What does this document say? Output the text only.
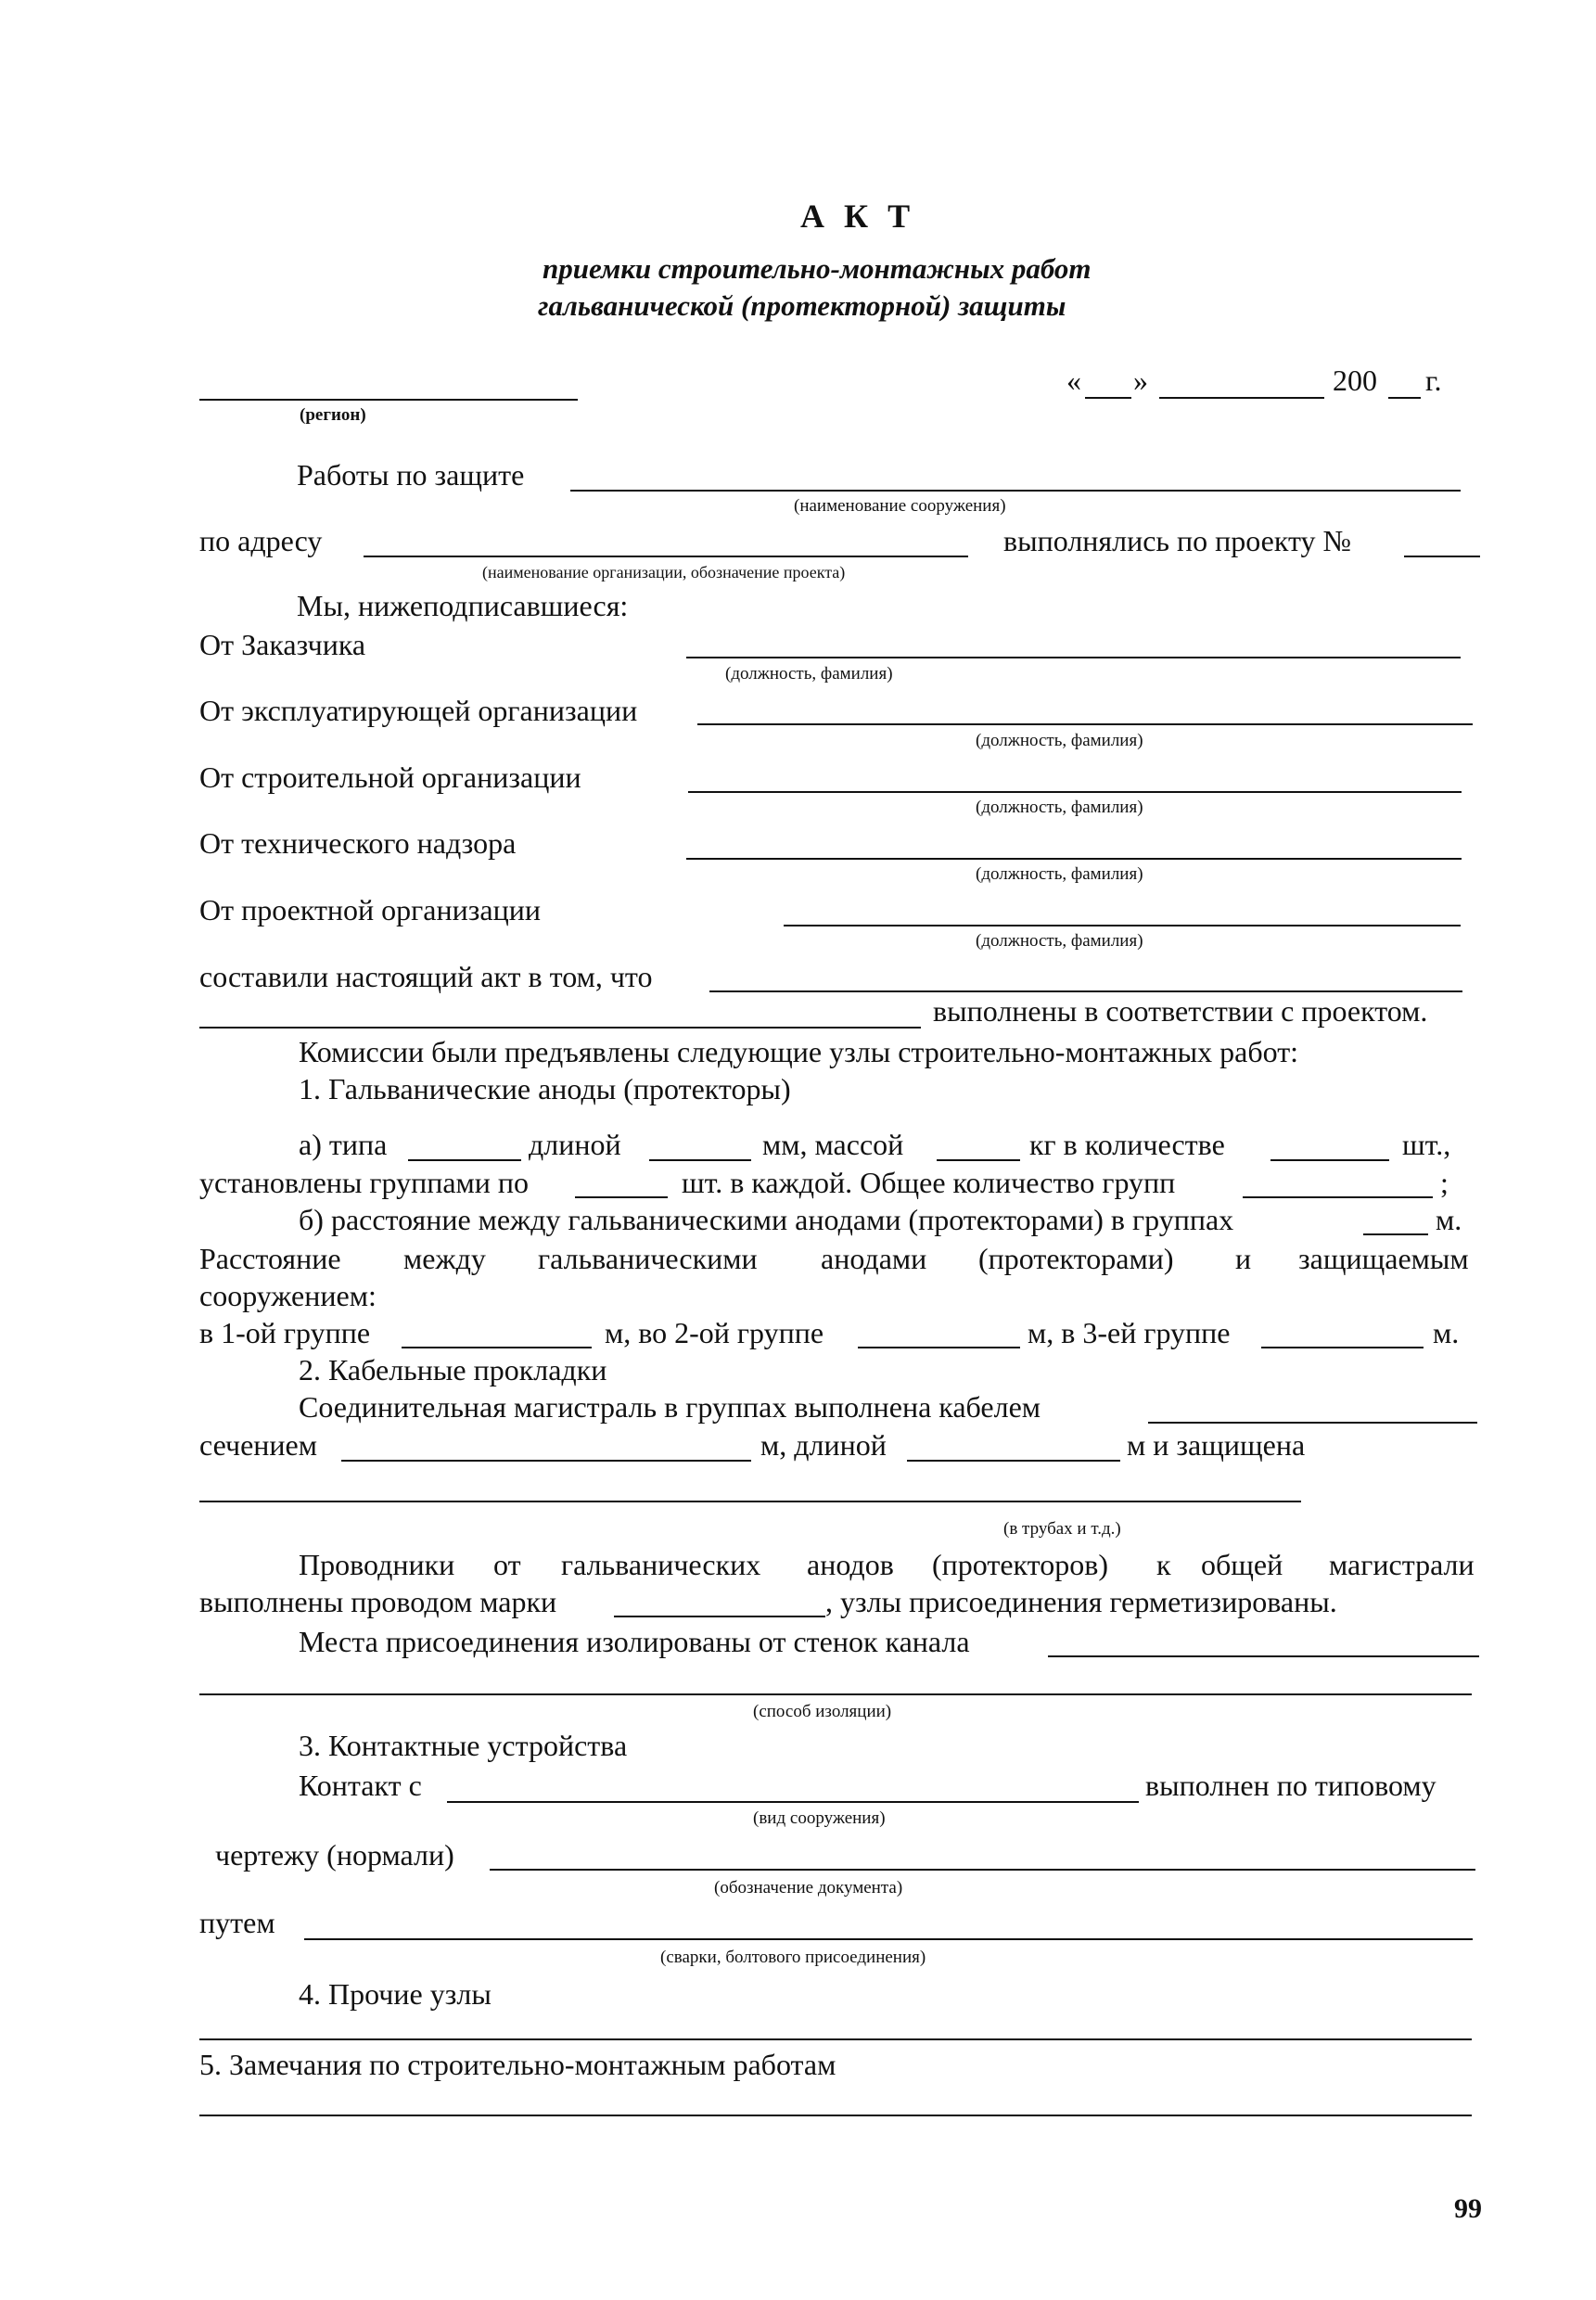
А К Т
приемки строительно-монтажных работ
гальванической (протекторной) защиты
(регион)
« »	200 г.
Работы по защите
(наименование сооружения)
по адресу	выполнялись по проекту №
(наименование организации, обозначение проекта)
Мы, нижеподписавшиеся:
От Заказчика
(должность, фамилия)
От эксплуатирующей организации
(должность, фамилия)
От строительной организации
(должность, фамилия)
От технического надзора
(должность, фамилия)
От проектной организации
(должность, фамилия)
составили настоящий акт в том, что
выполнены в соответствии с проектом.
Комиссии были предъявлены следующие узлы строительно-монтажных работ:
1. Гальванические аноды (протекторы)
а) типа	длиной	мм, массой	кг в количестве	шт.,
установлены группами по	шт. в каждой. Общее количество групп	;
б) расстояние между гальваническими анодами (протекторами) в группах	м.
Расстояние между гальваническими анодами (протекторами) и защищаемым
сооружением:
в 1-ой группе	м, во 2-ой группе	м, в 3-ей группе	м.
2. Кабельные прокладки
Соединительная магистраль в группах выполнена кабелем
сечением	м, длиной	м и защищена
(в трубах и т.д.)
Проводники от гальванических анодов (протекторов) к общей магистрали
выполнены проводом марки	, узлы присоединения герметизированы.
Места присоединения изолированы от стенок канала
(способ изоляции)
3. Контактные устройства
Контакт с	выполнен по типовому
(вид сооружения)
чертежу (нормали)
(обозначение документа)
путем
(сварки, болтового присоединения)
4. Прочие узлы
5. Замечания по строительно-монтажным работам
99
